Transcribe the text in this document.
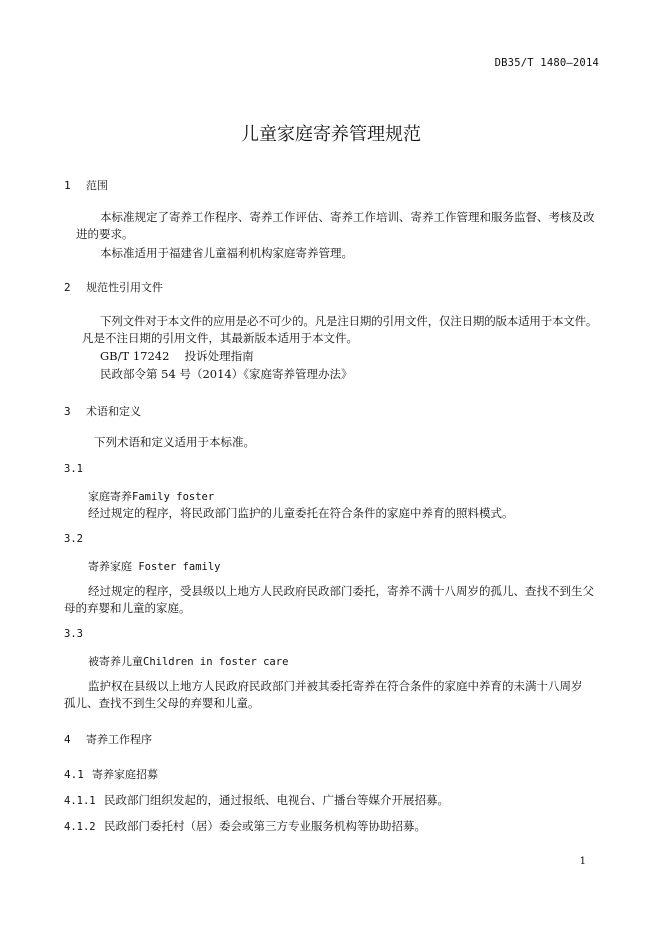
DB35/T 1480—2014
儿童家庭寄养管理规范
1 范围
本标准规定了寄养工作程序、寄养工作评估、寄养工作培训、寄养工作管理和服务监督、考核及改
进的要求。
本标准适用于福建省儿童福利机构家庭寄养管理。
2 规范性引用文件
下列文件对于本文件的应用是必不可少的。凡是注日期的引用文件，仅注日期的版本适用于本文件。
凡是不注日期的引用文件，其最新版本适用于本文件。
GB/T 17242　 投诉处理指南
民政部令第 54 号（2014）《家庭寄养管理办法》
3 术语和定义
下列术语和定义适用于本标准。
3.1
家庭寄养Family foster
经过规定的程序，将民政部门监护的儿童委托在符合条件的家庭中养育的照料模式。
3.2
寄养家庭 Foster family
经过规定的程序，受县级以上地方人民政府民政部门委托，寄养不满十八周岁的孤儿、查找不到生父
母的弃婴和儿童的家庭。
3.3
被寄养儿童Children in foster care
监护权在县级以上地方人民政府民政部门并被其委托寄养在符合条件的家庭中养育的未满十八周岁
孤儿、查找不到生父母的弃婴和儿童。
4 寄养工作程序
4.1 寄养家庭招募
4.1.1 民政部门组织发起的，通过报纸、电视台、广播台等媒介开展招募。
4.1.2 民政部门委托村（居）委会或第三方专业服务机构等协助招募。
1
